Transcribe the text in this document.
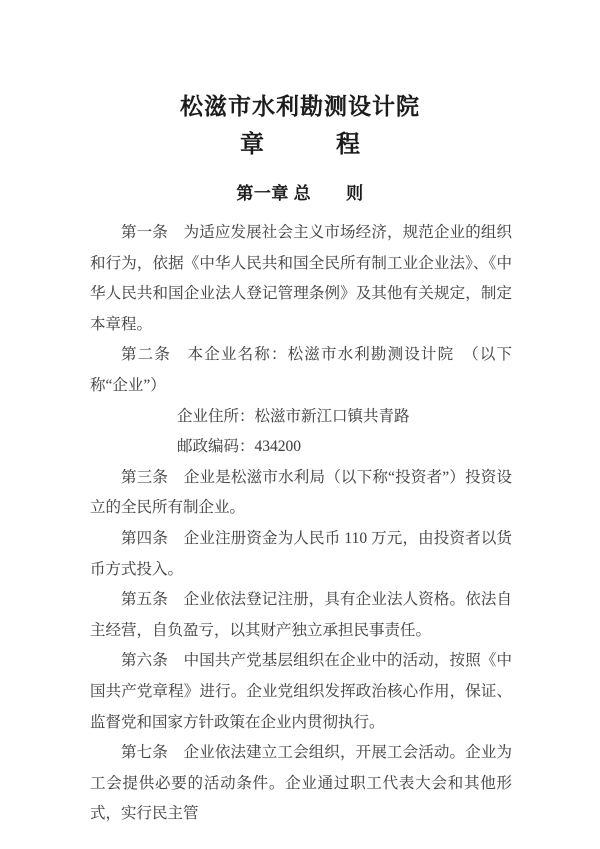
松滋市水利勘测设计院
章　　　程
第一章 总　　则

第一条　为适应发展社会主义市场经济，规范企业的组织和行为，依据《中华人民共和国全民所有制工业企业法》、《中华人民共和国企业法人登记管理条例》及其他有关规定，制定本章程。

第二条　本企业名称：松滋市水利勘测设计院　（以下称“企业”）

企业住所：松滋市新江口镇共青路

邮政编码：434200

第三条　企业是松滋市水利局（以下称“投资者”）投资设立的全民所有制企业。

第四条　企业注册资金为人民币 110 万元，由投资者以货币方式投入。

第五条　企业依法登记注册，具有企业法人资格。依法自主经营，自负盈亏，以其财产独立承担民事责任。

第六条　中国共产党基层组织在企业中的活动，按照《中国共产党章程》进行。企业党组织发挥政治核心作用，保证、监督党和国家方针政策在企业内贯彻执行。

第七条　企业依法建立工会组织，开展工会活动。企业为工会提供必要的活动条件。企业通过职工代表大会和其他形式，实行民主管
